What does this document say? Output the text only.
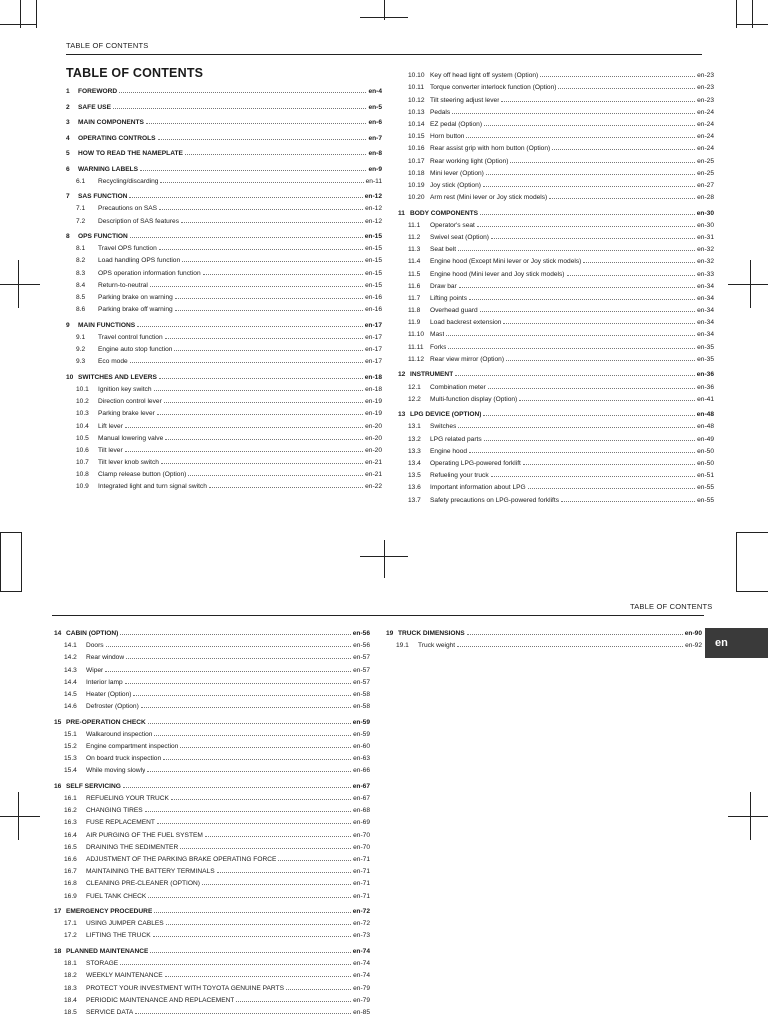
TABLE OF CONTENTS
TABLE OF CONTENTS
1	FOREWORD	en-4
2	SAFE USE	en-5
3	MAIN COMPONENTS	en-6
4	OPERATING CONTROLS	en-7
5	HOW TO READ THE NAMEPLATE	en-8
6	WARNING LABELS	en-9
6.1	Recycling/discarding	en-11
7	SAS FUNCTION	en-12
7.1	Precautions on SAS	en-12
7.2	Description of SAS features	en-12
8	OPS FUNCTION	en-15
8.1	Travel OPS function	en-15
8.2	Load handling OPS function	en-15
8.3	OPS operation information function	en-15
8.4	Return-to-neutral	en-15
8.5	Parking brake on warning	en-16
8.6	Parking brake off warning	en-16
9	MAIN FUNCTIONS	en-17
9.1	Travel control function	en-17
9.2	Engine auto stop function	en-17
9.3	Eco mode	en-17
10 SWITCHES AND LEVERS	en-18
10.1	Ignition key switch	en-18
10.2	Direction control lever	en-19
10.3	Parking brake lever	en-19
10.4	Lift lever	en-20
10.5	Manual lowering valve	en-20
10.6	Tilt lever	en-20
10.7	Tilt lever knob switch	en-21
10.8	Clamp release button (Option)	en-21
10.9	Integrated light and turn signal switch	en-22
10.10 Key off head light off system (Option)	en-23
10.11 Torque converter interlock function (Option)	en-23
10.12 Tilt steering adjust lever	en-23
10.13 Pedals	en-24
10.14 EZ pedal (Option)	en-24
10.15 Horn button	en-24
10.16 Rear assist grip with horn button (Option)	en-24
10.17 Rear working light (Option)	en-25
10.18 Mini lever (Option)	en-25
10.19 Joy stick (Option)	en-27
10.20 Arm rest (Mini lever or Joy stick models)	en-28
11 BODY COMPONENTS	en-30
11.1	Operator's seat	en-30
11.2	Swivel seat (Option)	en-31
11.3	Seat belt	en-32
11.4	Engine hood (Except Mini lever or Joy stick models)	en-32
11.5	Engine hood (Mini lever and Joy stick models)	en-33
11.6	Draw bar	en-34
11.7	Lifting points	en-34
11.8	Overhead guard	en-34
11.9	Load backrest extension	en-34
11.10 Mast	en-34
11.11 Forks	en-35
11.12 Rear view mirror (Option)	en-35
12 INSTRUMENT	en-36
12.1	Combination meter	en-36
12.2	Multi-function display (Option)	en-41
13 LPG DEVICE (OPTION)	en-48
13.1	Switches	en-48
13.2	LPG related parts	en-49
13.3	Engine hood	en-50
13.4	Operating LPG-powered forklift	en-50
13.5	Refueling your truck	en-51
13.6	Important information about LPG	en-55
13.7	Safety precautions on LPG-powered forklifts	en-55
TABLE OF CONTENTS
14 CABIN (OPTION)	en-56
14.1	Doors	en-56
14.2	Rear window	en-57
14.3	Wiper	en-57
14.4	Interior lamp	en-57
14.5	Heater (Option)	en-58
14.6	Defroster (Option)	en-58
15 PRE-OPERATION CHECK	en-59
15.1	Walkaround inspection	en-59
15.2	Engine compartment inspection	en-60
15.3	On board truck inspection	en-63
15.4	While moving slowly	en-66
16 SELF SERVICING	en-67
16.1	REFUELING YOUR TRUCK	en-67
16.2	CHANGING TIRES	en-68
16.3	FUSE REPLACEMENT	en-69
16.4	AIR PURGING OF THE FUEL SYSTEM	en-70
16.5	DRAINING THE SEDIMENTER	en-70
16.6	ADJUSTMENT OF THE PARKING BRAKE OPERATING FORCE	en-71
16.7	MAINTAINING THE BATTERY TERMINALS	en-71
16.8	CLEANING PRE-CLEANER (OPTION)	en-71
16.9	FUEL TANK CHECK	en-71
17 EMERGENCY PROCEDURE	en-72
17.1	USING JUMPER CABLES	en-72
17.2	LIFTING THE TRUCK	en-73
18 PLANNED MAINTENANCE	en-74
18.1	STORAGE	en-74
18.2	WEEKLY MAINTENANCE	en-74
18.3	PROTECT YOUR INVESTMENT WITH TOYOTA GENUINE PARTS	en-79
18.4	PERIODIC MAINTENANCE AND REPLACEMENT	en-79
18.5	SERVICE DATA	en-85
19 TRUCK DIMENSIONS	en-90
19.1	Truck weight	en-92	en
